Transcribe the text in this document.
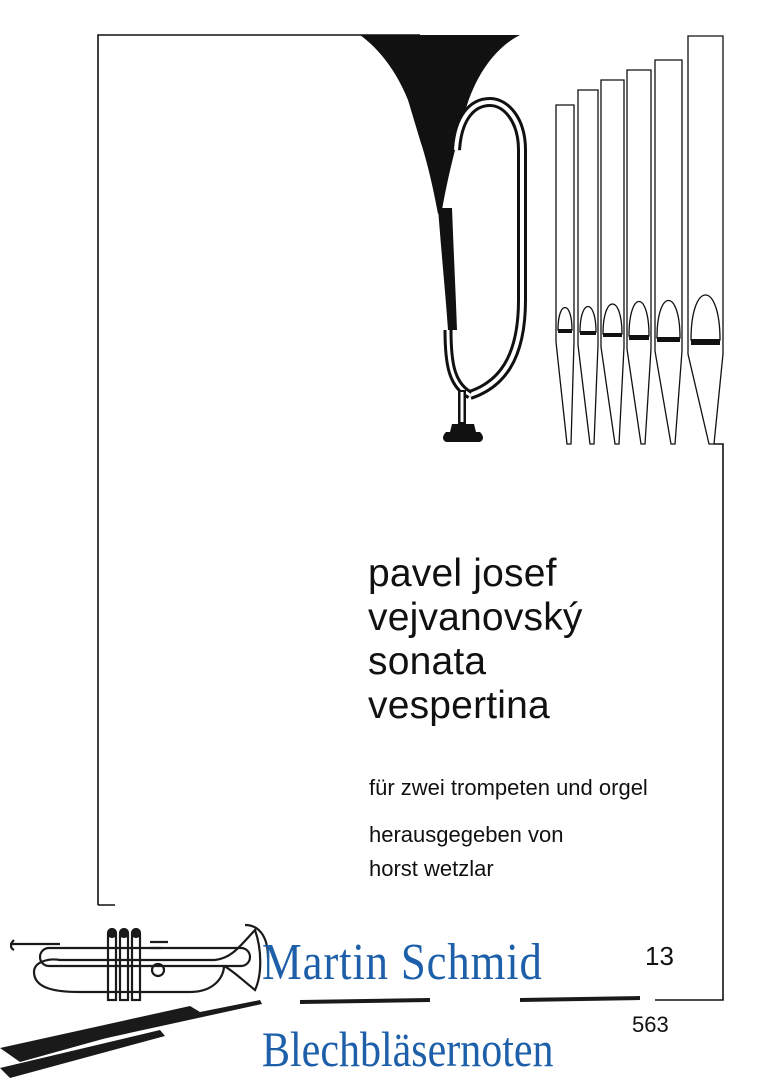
pavel josef
vejvanovský
sonata
vespertina
für zwei trompeten und orgel
herausgegeben von
horst wetzlar
13
563
Martin Schmid
Blechbläsernoten
